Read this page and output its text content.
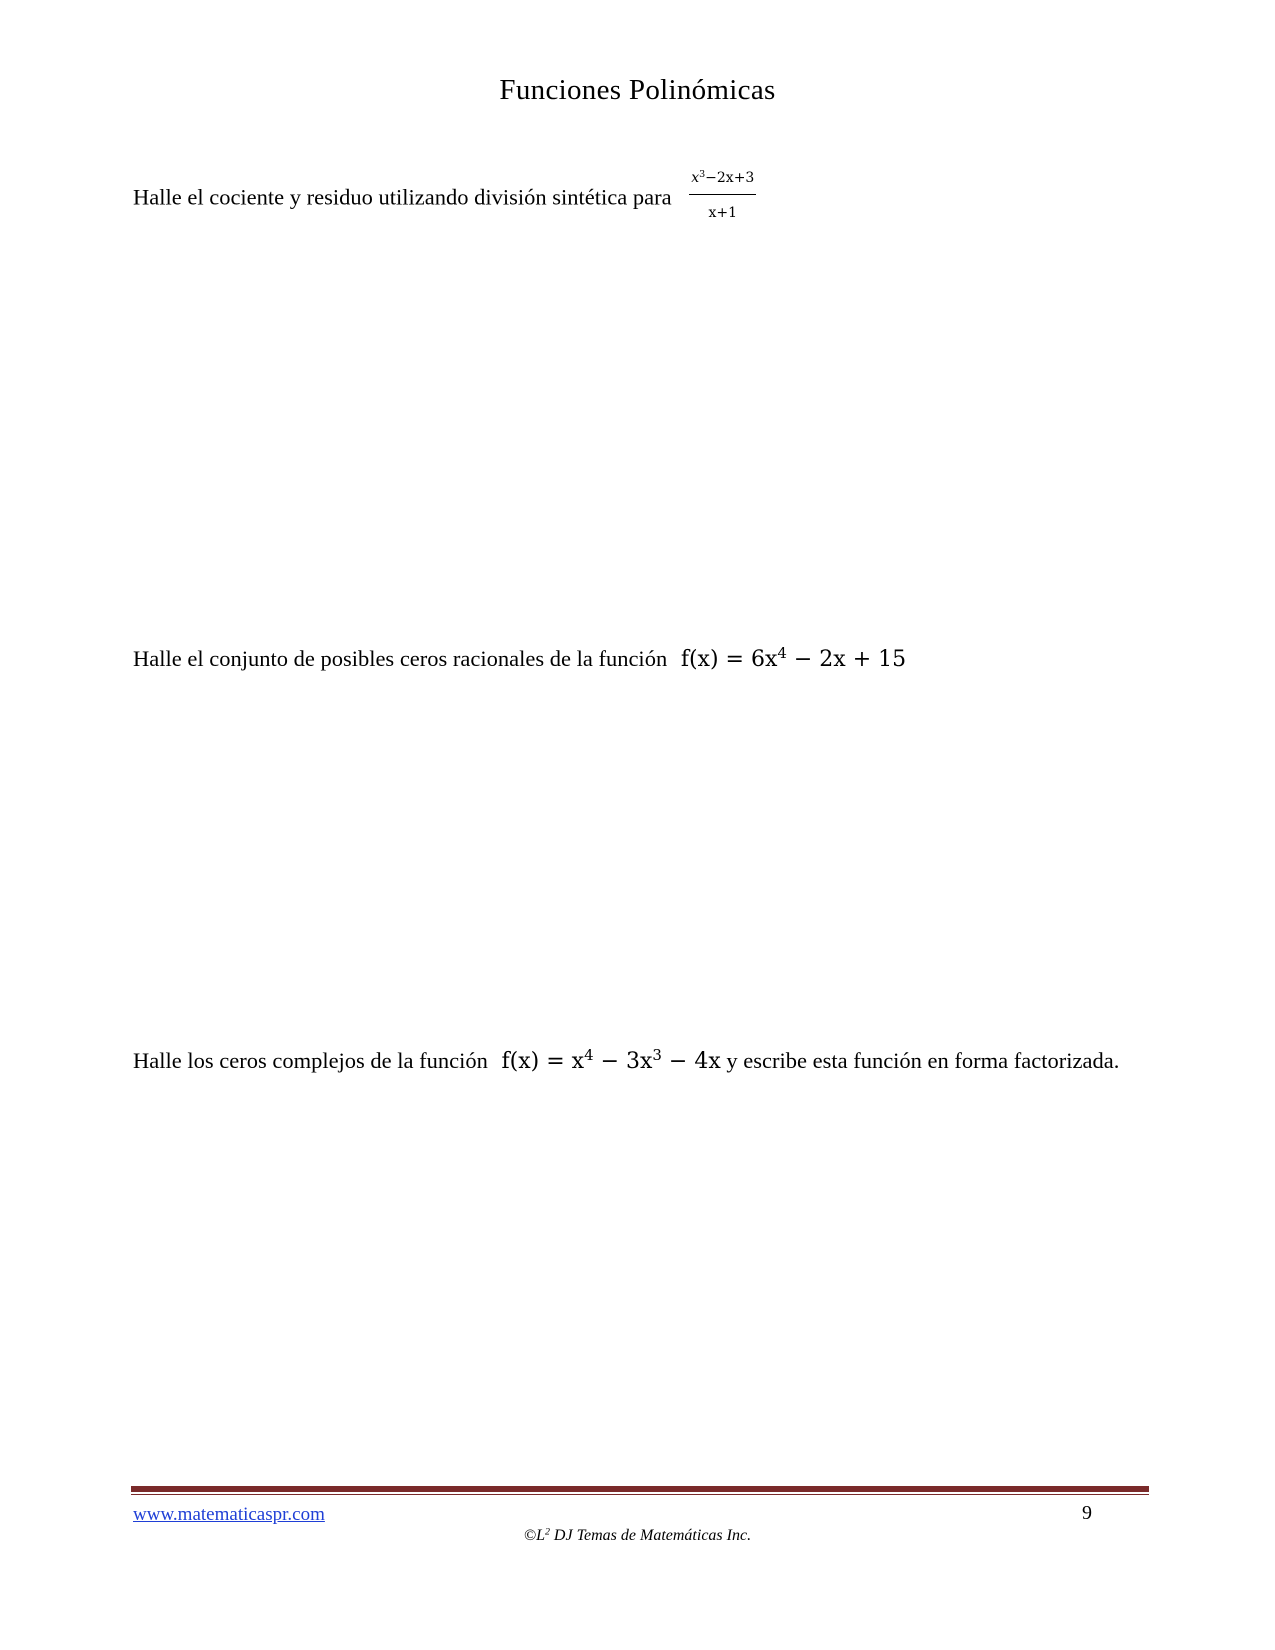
Funciones Polinómicas
Halle el cociente y residuo utilizando división sintética para $\frac{x^3-2x+3}{x+1}$
Halle el conjunto de posibles ceros racionales de la función $f(x) = 6x^4 - 2x + 15$
Halle los ceros complejos de la función $f(x) = x^4 - 3x^3 - 4x$ y escribe esta función en forma factorizada.
www.matematicaspr.com	9
$©L^2$ DJ Temas de Matemáticas Inc.
